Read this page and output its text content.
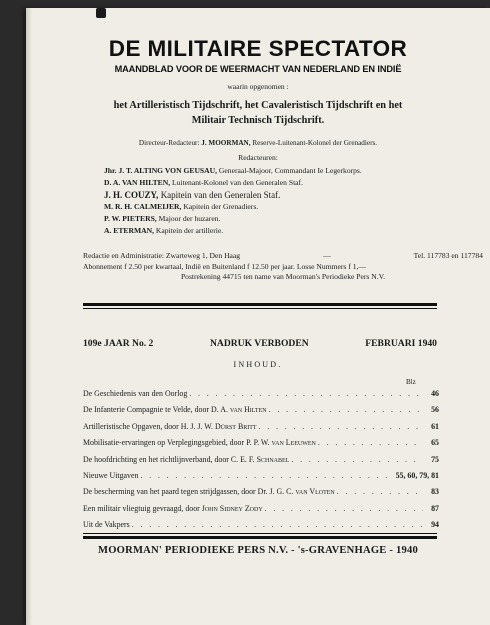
DE MILITAIRE SPECTATOR
MAANDBLAD VOOR DE WEERMACHT VAN NEDERLAND EN INDIË
waarin opgenomen :
het Artilleristisch Tijdschrift, het Cavaleristisch Tijdschrift en het
Militair Technisch Tijdschrift.
Directeur-Redacteur: J. MOORMAN, Reserve-Luitenant-Kolonel der Grenadiers.
Redacteuren:
Jhr. J. T. ALTING VON GEUSAU, Generaal-Majoor, Commandant Ie Legerkorps.
D. A. VAN HILTEN, Luitenant-Kolonel van den Generalen Staf.
J. H. COUZY, Kapitein van den Generalen Staf.
M. R. H. CALMEIJER, Kapitein der Grenadiers.
P. W. PIETERS, Majoor der huzaren.
A. ETERMAN, Kapitein der artillerie.
Redactie en Administratie: Zwarteweg 1, Den Haag	—	Tel. 117783 en 117784
Abonnement f 2.50 per kwartaal, Indië en Buitenland f 12.50 per jaar. Losse Nummers f 1,—
Postrekening 44715 ten name van Moorman's Periodieke Pers N.V.
109e JAAR No. 2	NADRUK VERBODEN	FEBRUARI 1940
INHOUD.
Blz
De Geschiedenis van den Oorlog . . .	46
De Infanterie Compagnie te Velde, door D. A. van Hilten . . .	56
Artilleristische Opgaven, door H. J. J. W. Dürst Britt . . .	61
Mobilisatie-ervaringen op Verplegingsgebied, door P. P. W. van Leeuwen . . .	65
De hoofdrichting en het richtlijnverband, door C. E. F. Schnabel . . .	75
Nieuwe Uitgaven . . .	55, 60, 79, 81
De bescherming van het paard tegen strijdgassen, door Dr. J. G. C. van Vloten . . .	83
Een militair vliegtuig gevraagd, door John Sidney Zody . . .	87
Uit de Vakpers . . .	94
MOORMAN' PERIODIEKE PERS N.V. - 's-GRAVENHAGE - 1940
